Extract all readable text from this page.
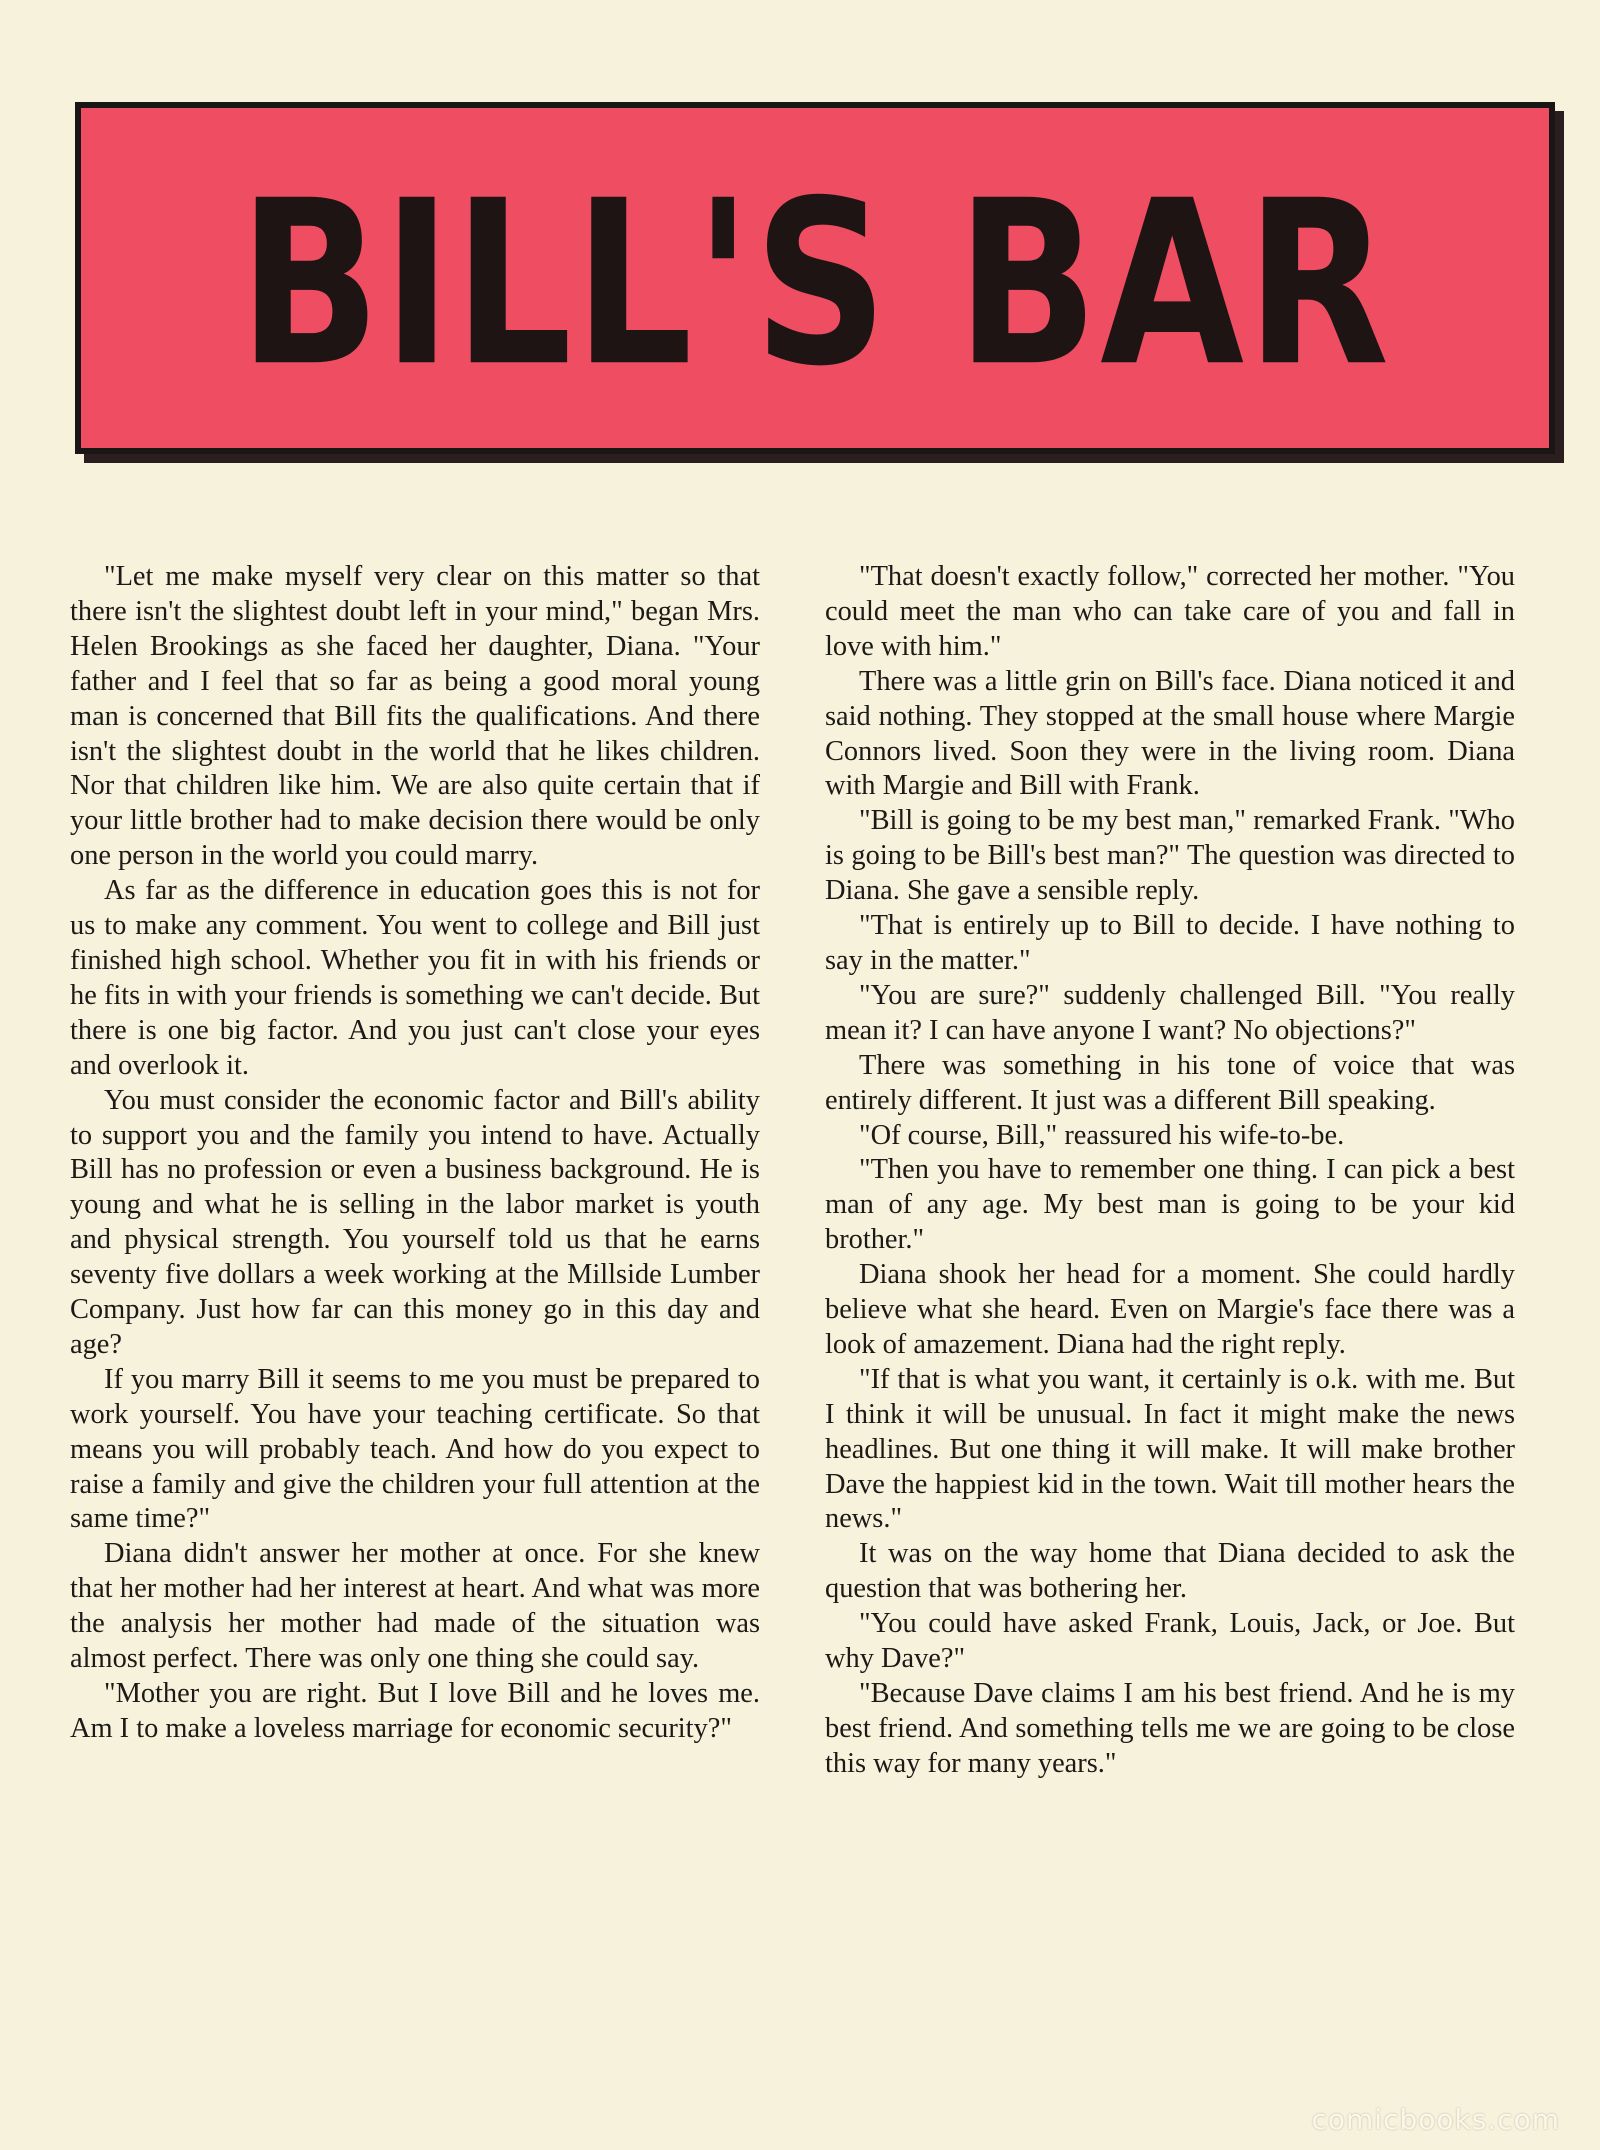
BILL'S BAR

"Let me make myself very clear on this matter so that there isn't the slightest doubt left in your mind," began Mrs. Helen Brookings as she faced her daughter, Diana. "Your father and I feel that so far as being a good moral young man is concerned that Bill fits the qualifications. And there isn't the slightest doubt in the world that he likes children. Nor that children like him. We are also quite certain that if your little brother had to make decision there would be only one person in the world you could marry.

As far as the difference in education goes this is not for us to make any comment. You went to college and Bill just finished high school. Whether you fit in with his friends or he fits in with your friends is something we can't decide. But there is one big factor. And you just can't close your eyes and overlook it.

You must consider the economic factor and Bill's ability to support you and the family you intend to have. Actually Bill has no profession or even a business background. He is young and what he is selling in the labor market is youth and physical strength. You yourself told us that he earns seventy five dollars a week working at the Millside Lumber Company. Just how far can this money go in this day and age?

If you marry Bill it seems to me you must be prepared to work yourself. You have your teaching certificate. So that means you will probably teach. And how do you expect to raise a family and give the children your full attention at the same time?"

Diana didn't answer her mother at once. For she knew that her mother had her interest at heart. And what was more the analysis her mother had made of the situation was almost perfect. There was only one thing she could say.

"Mother you are right. But I love Bill and he loves me. Am I to make a loveless marriage for economic security?"

"That doesn't exactly follow," corrected her mother. "You could meet the man who can take care of you and fall in love with him."

There was a little grin on Bill's face. Diana noticed it and said nothing. They stopped at the small house where Margie Connors lived. Soon they were in the living room. Diana with Margie and Bill with Frank.

"Bill is going to be my best man," remarked Frank. "Who is going to be Bill's best man?" The question was directed to Diana. She gave a sensible reply.

"That is entirely up to Bill to decide. I have nothing to say in the matter."

"You are sure?" suddenly challenged Bill. "You really mean it? I can have anyone I want? No objections?"

There was something in his tone of voice that was entirely different. It just was a different Bill speaking.

"Of course, Bill," reassured his wife-to-be.

"Then you have to remember one thing. I can pick a best man of any age. My best man is going to be your kid brother."

Diana shook her head for a moment. She could hardly believe what she heard. Even on Margie's face there was a look of amazement. Diana had the right reply.

"If that is what you want, it certainly is o.k. with me. But I think it will be unusual. In fact it might make the news headlines. But one thing it will make. It will make brother Dave the happiest kid in the town. Wait till mother hears the news."

It was on the way home that Diana decided to ask the question that was bothering her.

"You could have asked Frank, Louis, Jack, or Joe. But why Dave?"

"Because Dave claims I am his best friend. And he is my best friend. And something tells me we are going to be close this way for many years."

comicbooks.com
